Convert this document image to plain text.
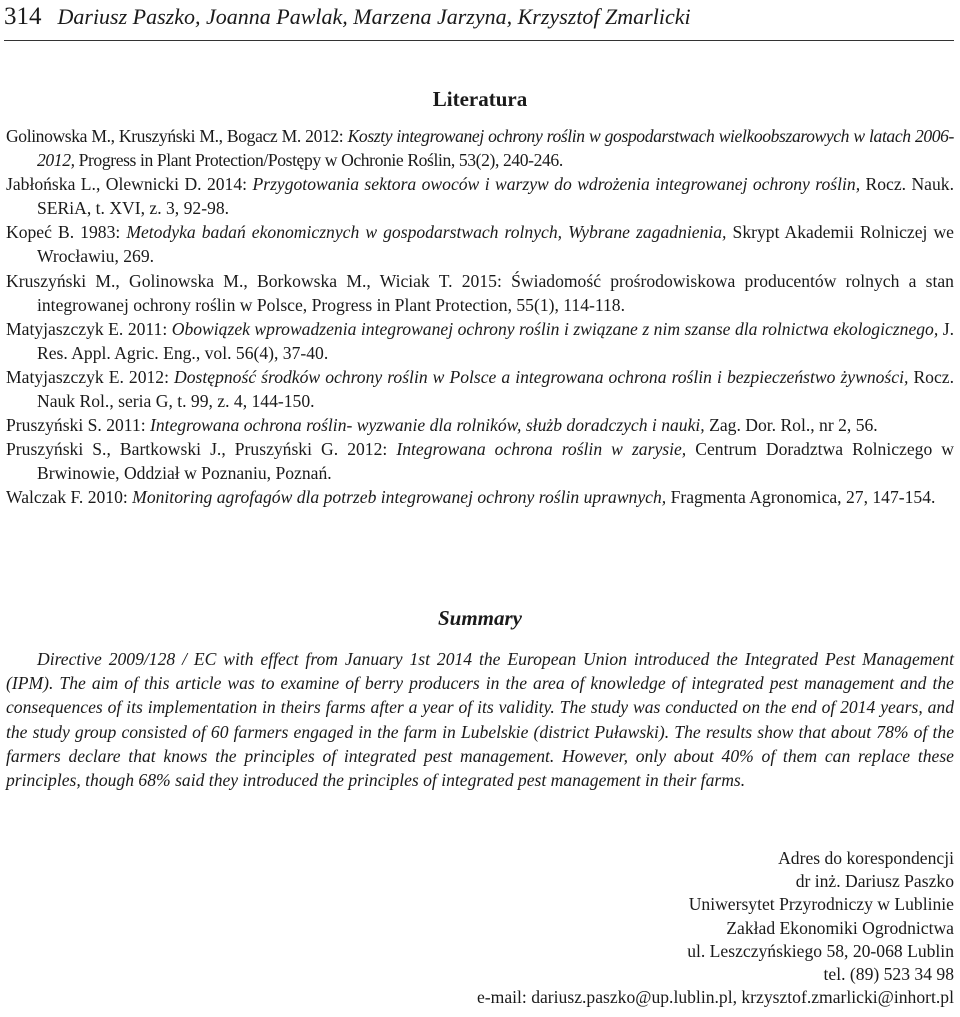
314 Dariusz Paszko, Joanna Pawlak, Marzena Jarzyna, Krzysztof Zmarlicki
Literatura

Golinowska M., Kruszyński M., Bogacz M. 2012: Koszty integrowanej ochrony roślin w gospodarstwach wielkoobszarowych w latach 2006-2012, Progress in Plant Protection/Postępy w Ochronie Roślin, 53(2), 240-246.

Jabłońska L., Olewnicki D. 2014: Przygotowania sektora owoców i warzyw do wdrożenia integrowanej ochrony roślin, Rocz. Nauk. SERiA, t. XVI, z. 3, 92-98.

Kopeć B. 1983: Metodyka badań ekonomicznych w gospodarstwach rolnych, Wybrane zagadnienia, Skrypt Akademii Rolniczej we Wrocławiu, 269.

Kruszyński M., Golinowska M., Borkowska M., Wiciak T. 2015: Świadomość prośrodowiskowa producentów rolnych a stan integrowanej ochrony roślin w Polsce, Progress in Plant Protection, 55(1), 114-118.

Matyjaszczyk E. 2011: Obowiązek wprowadzenia integrowanej ochrony roślin i związane z nim szanse dla rolnictwa ekologicznego, J. Res. Appl. Agric. Eng., vol. 56(4), 37-40.

Matyjaszczyk E. 2012: Dostępność środków ochrony roślin w Polsce a integrowana ochrona roślin i bezpieczeństwo żywności, Rocz. Nauk Rol., seria G, t. 99, z. 4, 144-150.

Pruszyński S. 2011: Integrowana ochrona roślin- wyzwanie dla rolników, służb doradczych i nauki, Zag. Dor. Rol., nr 2, 56.

Pruszyński S., Bartkowski J., Pruszyński G. 2012: Integrowana ochrona roślin w zarysie, Centrum Doradztwa Rolniczego w Brwinowie, Oddział w Poznaniu, Poznań.

Walczak F. 2010: Monitoring agrofagów dla potrzeb integrowanej ochrony roślin uprawnych, Fragmenta Agronomica, 27, 147-154.

Summary

Directive 2009/128 / EC with effect from January 1st 2014 the European Union introduced the Integrated Pest Management (IPM). The aim of this article was to examine of berry producers in the area of knowledge of integrated pest management and the consequences of its implementation in theirs farms after a year of its validity. The study was conducted on the end of 2014 years, and the study group consisted of 60 farmers engaged in the farm in Lubelskie (district Puławski). The results show that about 78% of the farmers declare that knows the principles of integrated pest management. However, only about 40% of them can replace these principles, though 68% said they introduced the principles of integrated pest management in their farms.

Adres do korespondencji
dr inż. Dariusz Paszko
Uniwersytet Przyrodniczy w Lublinie
Zakład Ekonomiki Ogrodnictwa
ul. Leszczyńskiego 58, 20-068 Lublin
tel. (89) 523 34 98
e-mail: dariusz.paszko@up.lublin.pl, krzysztof.zmarlicki@inhort.pl
